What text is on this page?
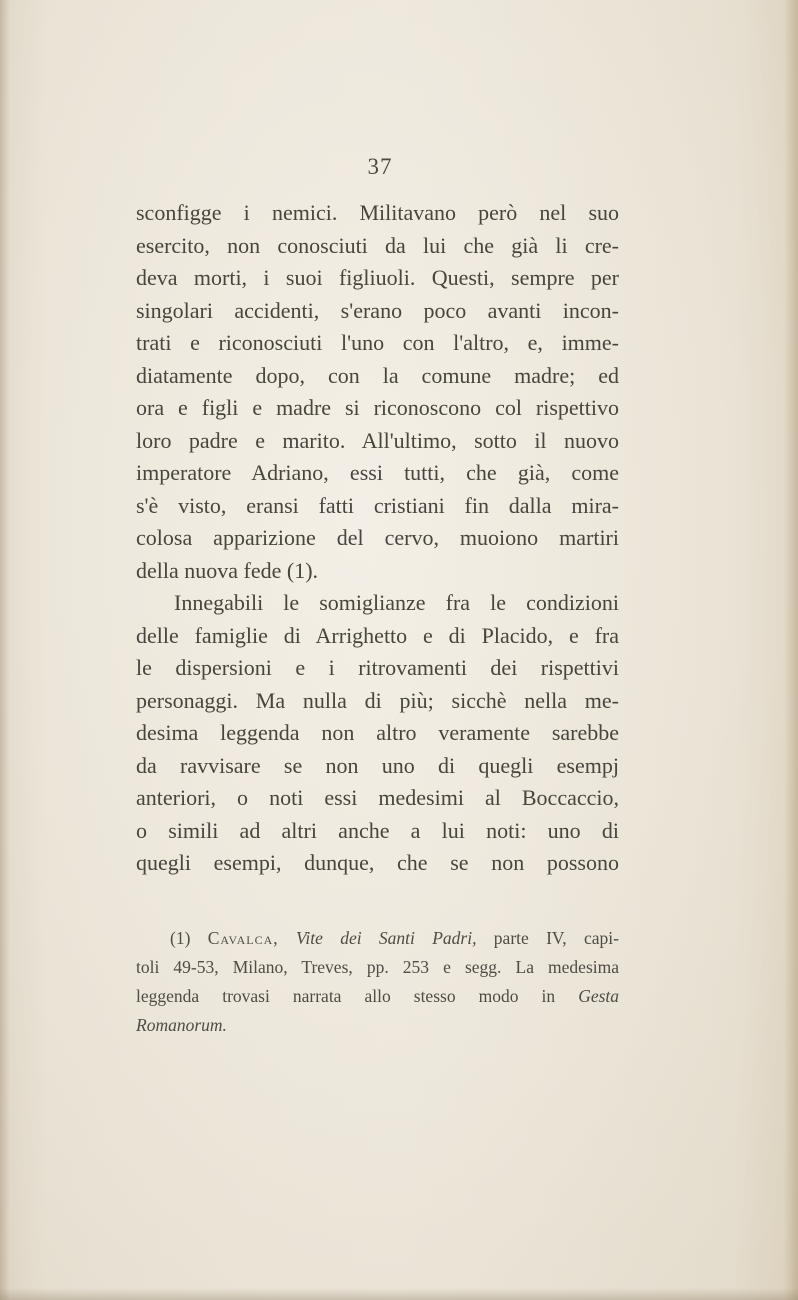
37
sconfigge i nemici. Militavano però nel suo
esercito, non conosciuti da lui che già li cre-
deva morti, i suoi figliuoli. Questi, sempre per
singolari accidenti, s'erano poco avanti incon-
trati e riconosciuti l'uno con l'altro, e, imme-
diatamente dopo, con la comune madre; ed
ora e figli e madre si riconoscono col rispettivo
loro padre e marito. All'ultimo, sotto il nuovo
imperatore Adriano, essi tutti, che già, come
s'è visto, eransi fatti cristiani fin dalla mira-
colosa apparizione del cervo, muoiono martiri
della nuova fede (1).
Innegabili le somiglianze fra le condizioni
delle famiglie di Arrighetto e di Placido, e fra
le dispersioni e i ritrovamenti dei rispettivi
personaggi. Ma nulla di più; sicchè nella me-
desima leggenda non altro veramente sarebbe
da ravvisare se non uno di quegli esempj
anteriori, o noti essi medesimi al Boccaccio,
o simili ad altri anche a lui noti: uno di
quegli esempi, dunque, che se non possono
(1) Cavalca, Vite dei Santi Padri, parte IV, capi-
toli 49-53, Milano, Treves, pp. 253 e segg. La medesima
leggenda trovasi narrata allo stesso modo in Gesta
Romanorum.
